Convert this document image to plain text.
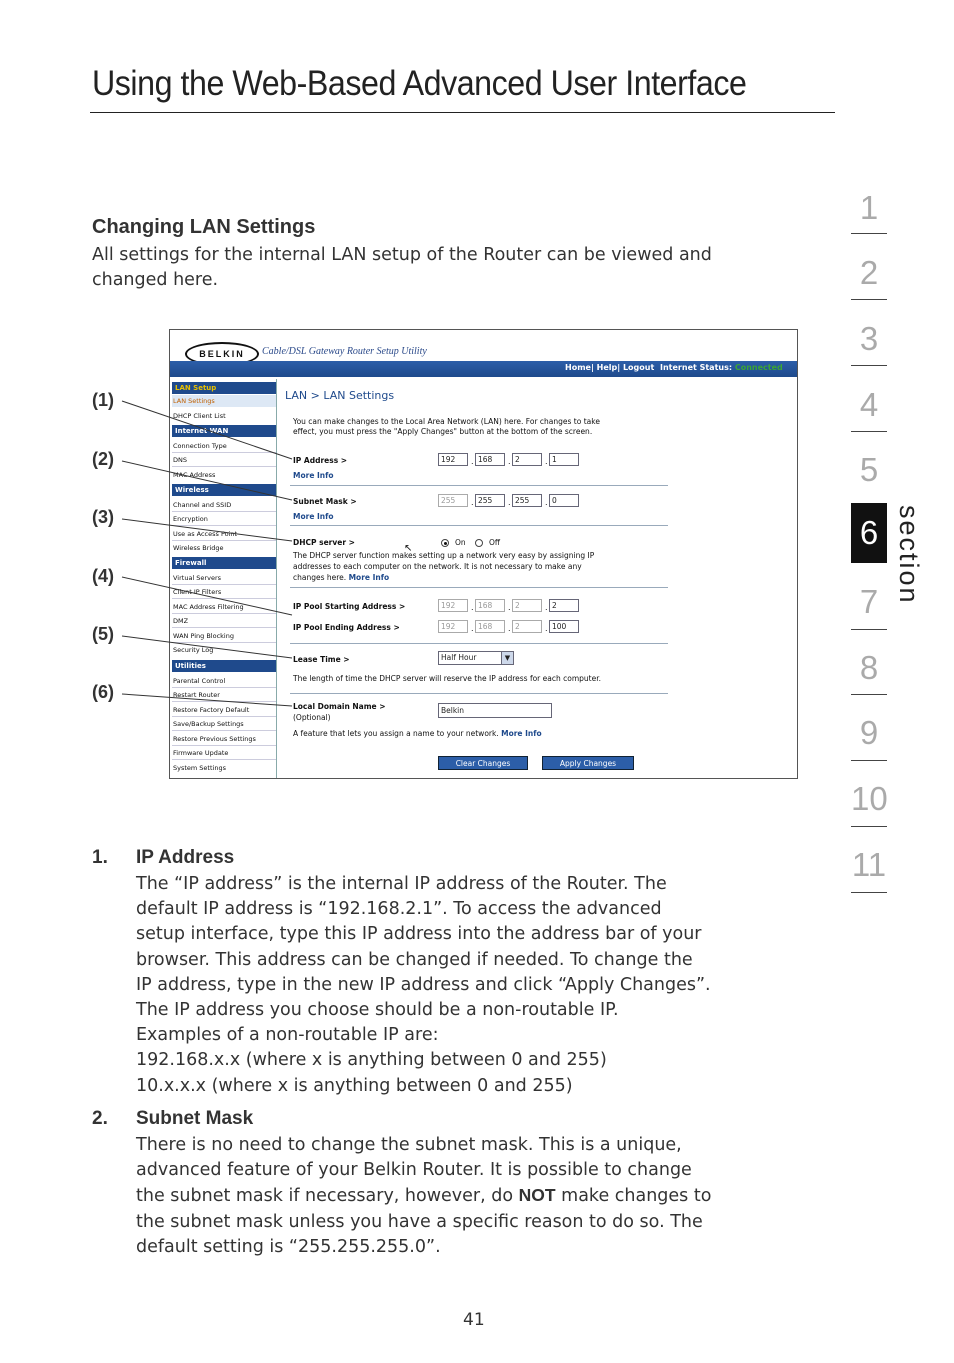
Using the Web-Based Advanced User Interface
1
2
3
4
5
6
7
8
9
10
11
section
Changing LAN Settings
All settings for the internal LAN setup of the Router can be viewed and changed here.
(1)
(2)
(3)
(4)
(5)
(6)
BELKIN	Cable/DSL Gateway Router Setup Utility
Home| Help| Logout Internet Status: Connected
LAN Setup
LAN Settings
DHCP Client List
Internet WAN
Connection Type
DNS
MAC Address
Wireless
Channel and SSID
Encryption
Use as Access Point
Wireless Bridge
Firewall
Virtual Servers
Client IP Filters
MAC Address Filtering
DMZ
WAN Ping Blocking
Security Log
Utilities
Parental Control
Restart Router
Restore Factory Default
Save/Backup Settings
Restore Previous Settings
Firmware Update
System Settings
LAN > LAN Settings
You can make changes to the Local Area Network (LAN) here. For changes to take
effect, you must press the "Apply Changes" button at the bottom of the screen.
IP Address >
More Info
192	. 168	. 2	. 1
Subnet Mask >
More Info
255	. 255	. 255	. 0
DHCP server >	On	Off
The DHCP server function makes setting up a network very easy by assigning IP
addresses to each computer on the network. It is not necessary to make any
changes here. More Info
↖
IP Pool Starting Address >	192	. 168	. 2	. 2
IP Pool Ending Address >	192	. 168	. 2	. 100
Lease Time >	Half Hour	▼
The length of time the DHCP server will reserve the IP address for each computer.
Local Domain Name >
(Optional)
Belkin
A feature that lets you assign a name to your network. More Info
Clear Changes	Apply Changes
1. IP Address

The “IP address” is the internal IP address of the Router. The

default IP address is “192.168.2.1”. To access the advanced

setup interface, type this IP address into the address bar of your

browser. This address can be changed if needed. To change the

IP address, type in the new IP address and click “Apply Changes”.

The IP address you choose should be a non-routable IP.

Examples of a non-routable IP are:

192.168.x.x (where x is anything between 0 and 255)

10.x.x.x (where x is anything between 0 and 255)

2. Subnet Mask

There is no need to change the subnet mask. This is a unique,

advanced feature of your Belkin Router. It is possible to change

the subnet mask if necessary, however, do NOT make changes to

the subnet mask unless you have a specific reason to do so. The

default setting is “255.255.255.0”.

41
